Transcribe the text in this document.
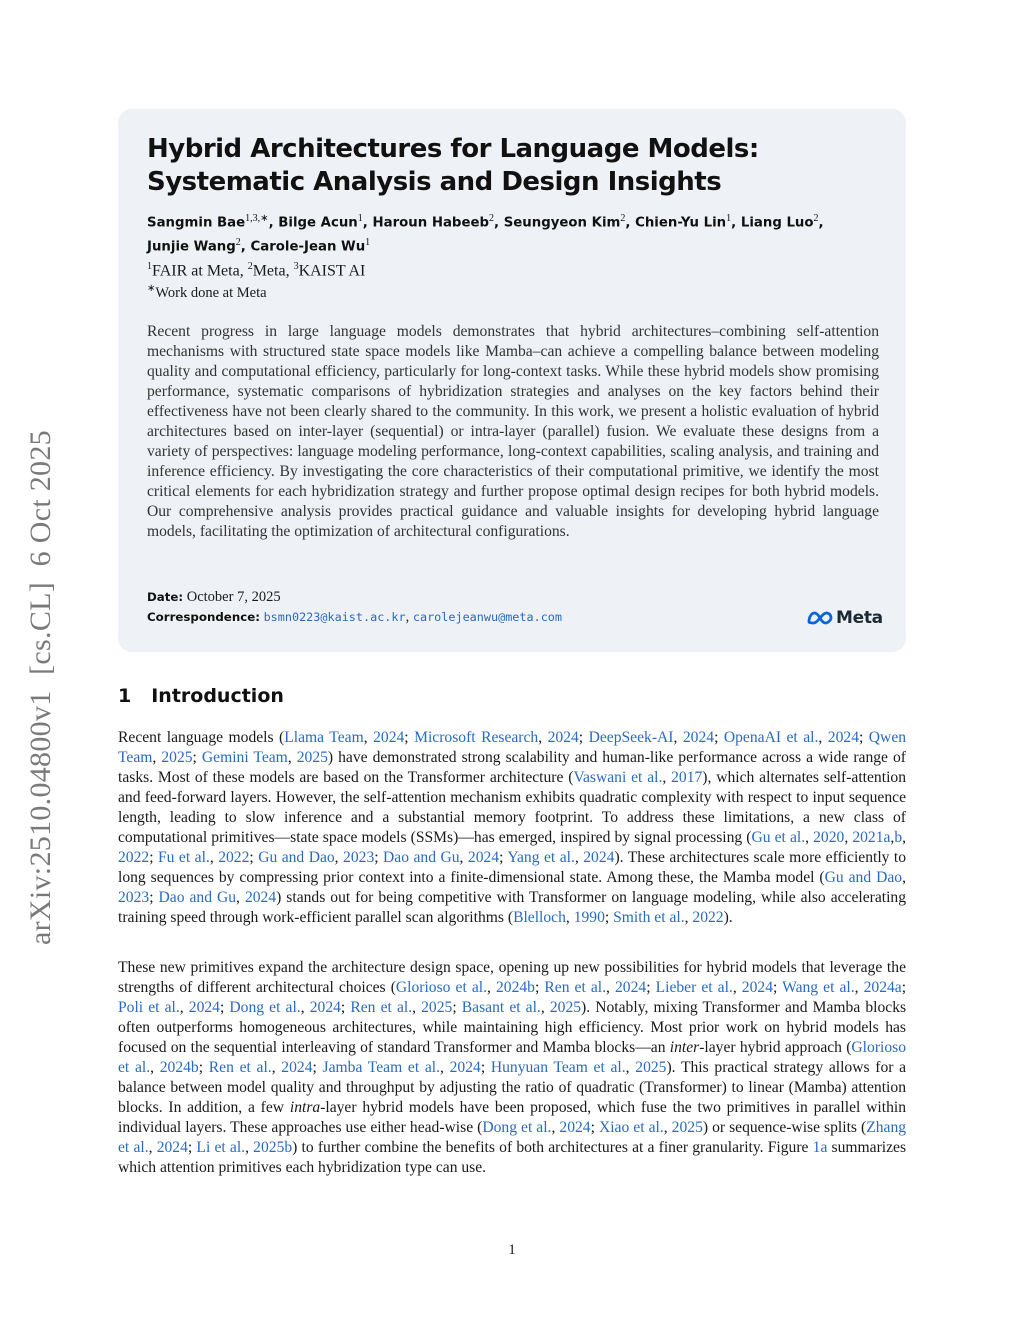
arXiv:2510.04800v1  [cs.CL]  6 Oct 2025
Hybrid Architectures for Language Models:
Systematic Analysis and Design Insights
Sangmin Bae$^{1,3,∗}$, Bilge Acun$^1$, Haroun Habeeb$^2$, Seungyeon Kim$^2$, Chien-Yu Lin$^1$, Liang Luo$^2$,
Junjie Wang$^2$, Carole-Jean Wu$^1$
$^1$FAIR at Meta, $^2$Meta, $^3$KAIST AI
∗Work done at Meta
Recent progress in large language models demonstrates that hybrid architectures–combining self-attention mechanisms with structured state space models like Mamba–can achieve a compelling balance between modeling quality and computational efficiency, particularly for long-context tasks. While these hybrid models show promising performance, systematic comparisons of hybridization strategies and analyses on the key factors behind their effectiveness have not been clearly shared to the community. In this work, we present a holistic evaluation of hybrid architectures based on inter-layer (sequential) or intra-layer (parallel) fusion. We evaluate these designs from a variety of perspectives: language modeling performance, long-context capabilities, scaling analysis, and training and inference efficiency. By investigating the core characteristics of their computational primitive, we identify the most critical elements for each hybridization strategy and further propose optimal design recipes for both hybrid models. Our comprehensive analysis provides practical guidance and valuable insights for developing hybrid language models, facilitating the optimization of architectural configurations.
Date: October 7, 2025
Correspondence: bsmn0223@kaist.ac.kr, carolejeanwu@meta.com	Meta
1 Introduction
Recent language models (Llama Team, 2024; Microsoft Research, 2024; DeepSeek-AI, 2024; OpenaAI et al., 2024; Qwen Team, 2025; Gemini Team, 2025) have demonstrated strong scalability and human-like performance across a wide range of tasks. Most of these models are based on the Transformer architecture (Vaswani et al., 2017), which alternates self-attention and feed-forward layers. However, the self-attention mechanism exhibits quadratic complexity with respect to input sequence length, leading to slow inference and a substantial memory footprint. To address these limitations, a new class of computational primitives—state space models (SSMs)—has emerged, inspired by signal processing (Gu et al., 2020, 2021a,b, 2022; Fu et al., 2022; Gu and Dao, 2023; Dao and Gu, 2024; Yang et al., 2024). These architectures scale more efficiently to long sequences by compressing prior context into a finite-dimensional state. Among these, the Mamba model (Gu and Dao, 2023; Dao and Gu, 2024) stands out for being competitive with Transformer on language modeling, while also accelerating training speed through work-efficient parallel scan algorithms (Blelloch, 1990; Smith et al., 2022).
These new primitives expand the architecture design space, opening up new possibilities for hybrid models that leverage the strengths of different architectural choices (Glorioso et al., 2024b; Ren et al., 2024; Lieber et al., 2024; Wang et al., 2024a; Poli et al., 2024; Dong et al., 2024; Ren et al., 2025; Basant et al., 2025). Notably, mixing Transformer and Mamba blocks often outperforms homogeneous architectures, while maintaining high efficiency. Most prior work on hybrid models has focused on the sequential interleaving of standard Transformer and Mamba blocks—an inter-layer hybrid approach (Glorioso et al., 2024b; Ren et al., 2024; Jamba Team et al., 2024; Hunyuan Team et al., 2025). This practical strategy allows for a balance between model quality and throughput by adjusting the ratio of quadratic (Transformer) to linear (Mamba) attention blocks. In addition, a few intra-layer hybrid models have been proposed, which fuse the two primitives in parallel within individual layers. These approaches use either head-wise (Dong et al., 2024; Xiao et al., 2025) or sequence-wise splits (Zhang et al., 2024; Li et al., 2025b) to further combine the benefits of both architectures at a finer granularity. Figure 1a summarizes which attention primitives each hybridization type can use.
1
